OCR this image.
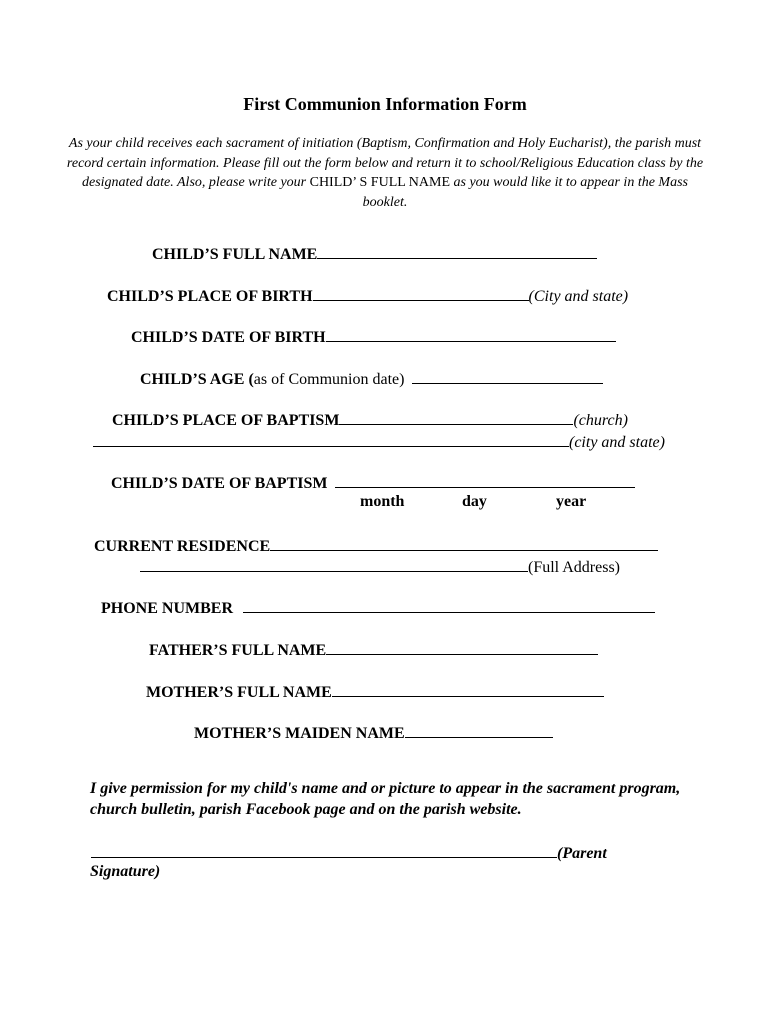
First Communion Information Form
As your child receives each sacrament of initiation (Baptism, Confirmation and Holy Eucharist), the parish must record certain information. Please fill out the form below and return it to school/Religious Education class by the designated date. Also, please write your CHILD’ S FULL NAME as you would like it to appear in the Mass booklet.
CHILD’S FULL NAME
CHILD’S PLACE OF BIRTH	(City and state)
CHILD’S DATE OF BIRTH
CHILD’S AGE (as of Communion date)
CHILD’S PLACE OF BAPTISM	(church)
(city and state)
CHILD’S DATE OF BAPTISM
month	day	year
CURRENT RESIDENCE
(Full Address)
PHONE NUMBER
FATHER’S FULL NAME
MOTHER’S FULL NAME
MOTHER’S MAIDEN NAME
I give permission for my child's name and or picture to appear in the sacrament program, church bulletin, parish Facebook page and on the parish website.
(Parent
Signature)
